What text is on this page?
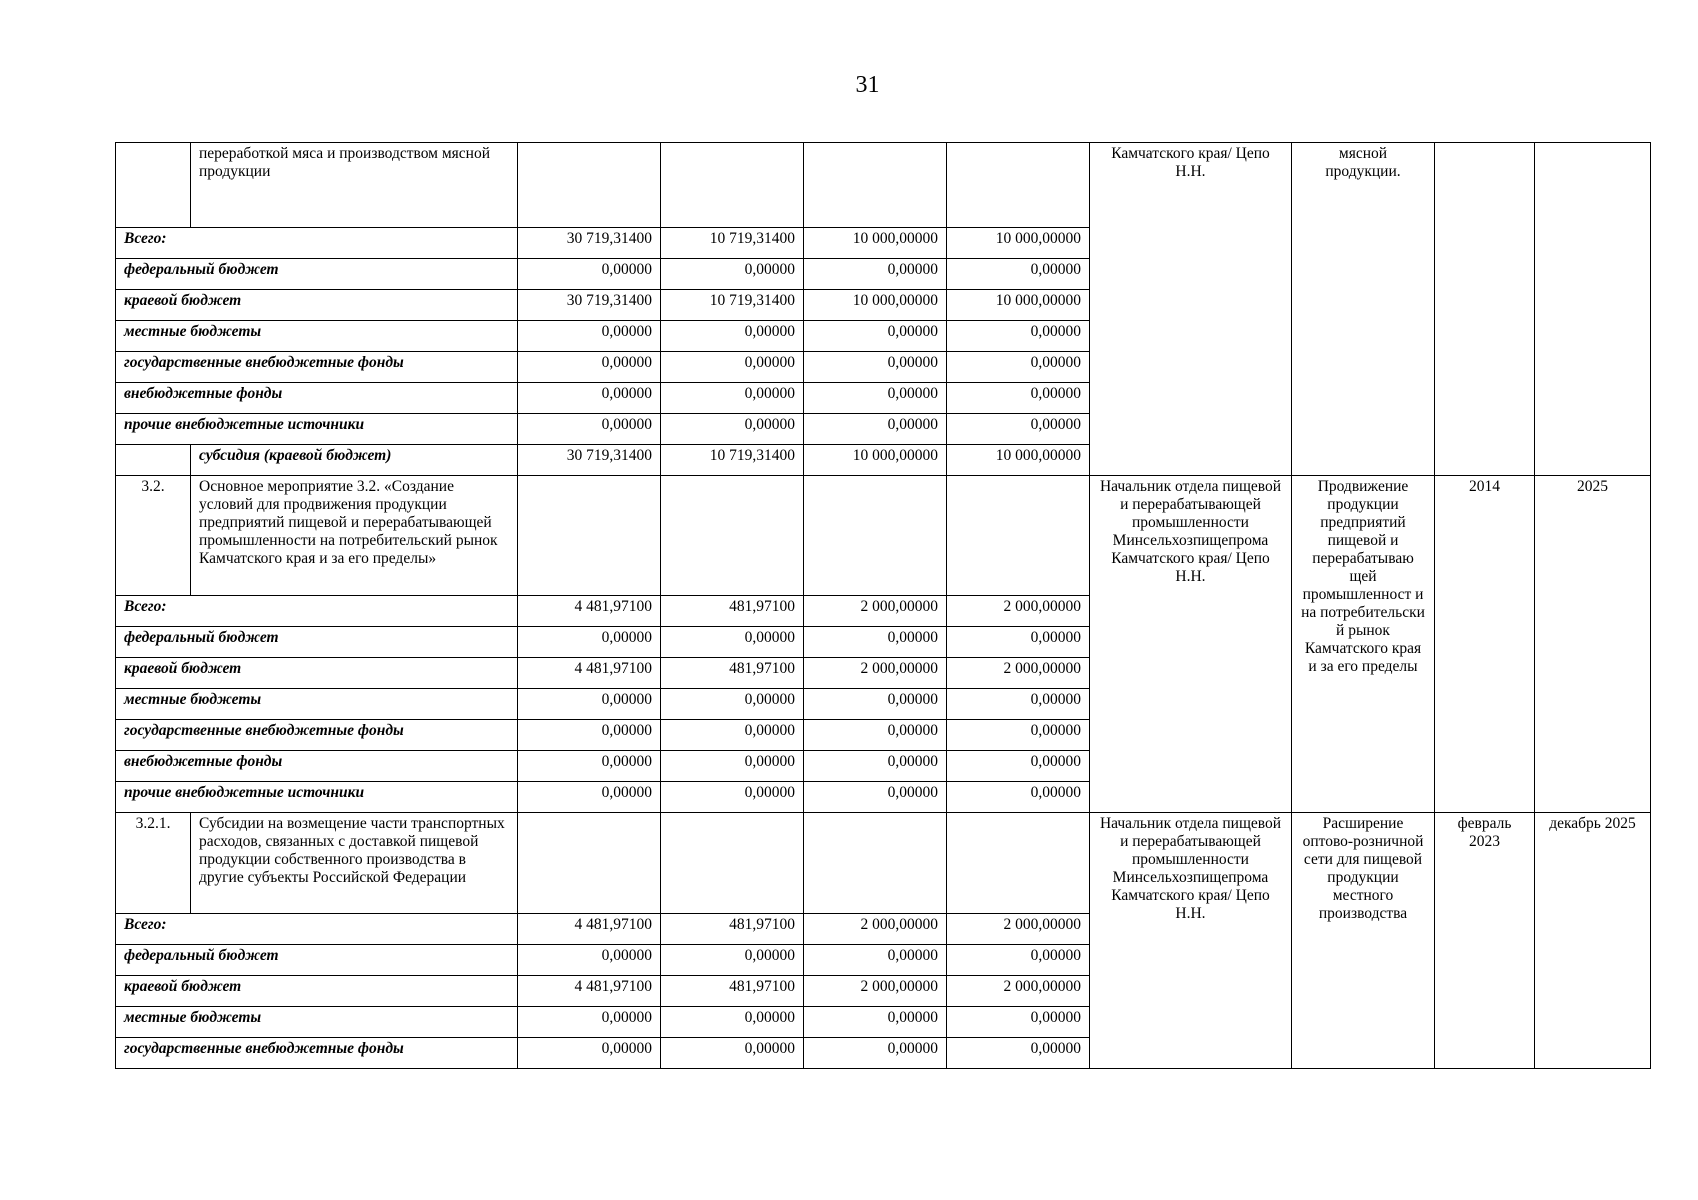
31
	переработкой мяса и производством мясной продукции					Камчатского края/ Цепо Н.Н.	мясной продукции.		
Всего:		30 719,31400	10 719,31400	10 000,00000	10 000,00000				
федеральный бюджет		0,00000	0,00000	0,00000	0,00000				
краевой бюджет		30 719,31400	10 719,31400	10 000,00000	10 000,00000				
местные бюджеты		0,00000	0,00000	0,00000	0,00000				
государственные внебюджетные фонды		0,00000	0,00000	0,00000	0,00000				
внебюджетные фонды		0,00000	0,00000	0,00000	0,00000				
прочие внебюджетные источники		0,00000	0,00000	0,00000	0,00000				
	субсидия (краевой бюджет)	30 719,31400	10 719,31400	10 000,00000	10 000,00000				
3.2.	Основное мероприятие 3.2. «Создание условий для продвижения продукции предприятий пищевой и перерабатывающей промышленности на потребительский рынок Камчатского края и за его пределы»					Начальник отдела пищевой и перерабатывающей промышленности Минсельхозпищепрома Камчатского края/ Цепо Н.Н.	Продвижение продукции предприятий пищевой и перерабатываю щей промышленност и на потребительски й рынок Камчатского края и за его пределы	2014	2025
Всего:		4 481,97100	481,97100	2 000,00000	2 000,00000				
федеральный бюджет		0,00000	0,00000	0,00000	0,00000				
краевой бюджет		4 481,97100	481,97100	2 000,00000	2 000,00000				
местные бюджеты		0,00000	0,00000	0,00000	0,00000				
государственные внебюджетные фонды		0,00000	0,00000	0,00000	0,00000				
внебюджетные фонды		0,00000	0,00000	0,00000	0,00000				
прочие внебюджетные источники		0,00000	0,00000	0,00000	0,00000				
3.2.1.	Субсидии на возмещение части транспортных расходов, связанных с доставкой пищевой продукции собственного производства в другие субъекты Российской Федерации					Начальник отдела пищевой и перерабатывающей промышленности Минсельхозпищепрома Камчатского края/ Цепо Н.Н.	Расширение оптово-розничной сети для пищевой продукции местного производства	февраль 2023	декабрь 2025
Всего:		4 481,97100	481,97100	2 000,00000	2 000,00000				
федеральный бюджет		0,00000	0,00000	0,00000	0,00000				
краевой бюджет		4 481,97100	481,97100	2 000,00000	2 000,00000				
местные бюджеты		0,00000	0,00000	0,00000	0,00000				
государственные внебюджетные фонды		0,00000	0,00000	0,00000	0,00000				
